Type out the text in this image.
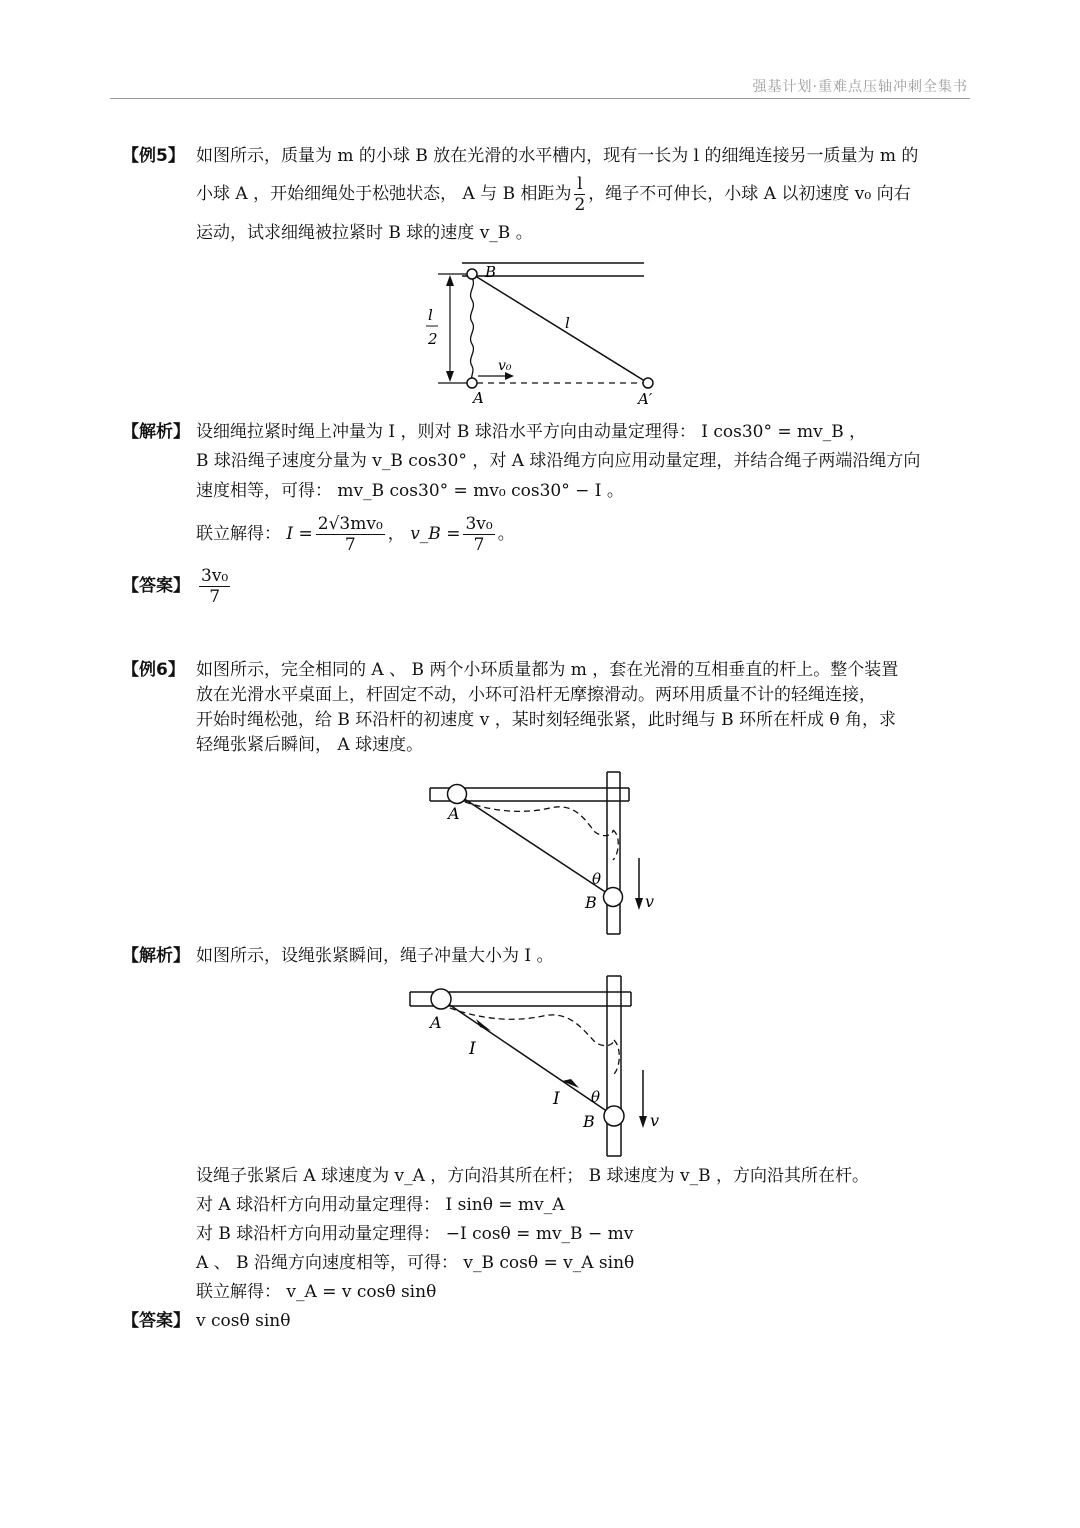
强基计划·重难点压轴冲刺全集书
【例5】 如图所示，质量为 m 的小球 B 放在光滑的水平槽内，现有一长为 l 的细绳连接另一质量为 m 的
小球 A ，开始细绳处于松弛状态， A 与 B 相距为 $\frac{l}{2}$ ，绳子不可伸长，小球 A 以初速度 v₀ 向右
运动，试求细绳被拉紧时 B 球的速度 v_B 。
l
2
v₀
B
l
A	A′
【解析】 设细绳拉紧时绳上冲量为 I ，则对 B 球沿水平方向由动量定理得： I cos30° = mv_B ，
B 球沿绳子速度分量为 v_B cos30° ，对 A 球沿绳方向应用动量定理，并结合绳子两端沿绳方向
速度相等，可得： mv_B cos30° = mv₀ cos30° − I 。
联立解得： $I = \frac{\text{2√3mv₀}}{7}$ ， v_B = $\frac{\text{3v₀}}{7}$ 。
【答案】 $\frac{\text{3v₀}}{7}$
【例6】 如图所示，完全相同的 A 、 B 两个小环质量都为 m ，套在光滑的互相垂直的杆上。整个装置
放在光滑水平桌面上，杆固定不动，小环可沿杆无摩擦滑动。两环用质量不计的轻绳连接，
开始时绳松弛，给 B 环沿杆的初速度 v ，某时刻轻绳张紧，此时绳与 B 环所在杆成 θ 角，求
轻绳张紧后瞬间， A 球速度。
A
θ
B	v
【解析】 如图所示，设绳张紧瞬间，绳子冲量大小为 I 。
A
I
I θ
B	v
设绳子张紧后 A 球速度为 v_A ，方向沿其所在杆； B 球速度为 v_B ，方向沿其所在杆。
对 A 球沿杆方向用动量定理得： I sinθ = mv_A
对 B 球沿杆方向用动量定理得： −I cosθ = mv_B − mv
A 、 B 沿绳方向速度相等，可得： v_B cosθ = v_A sinθ
联立解得： v_A = v cosθ sinθ
【答案】 v cosθ sinθ
